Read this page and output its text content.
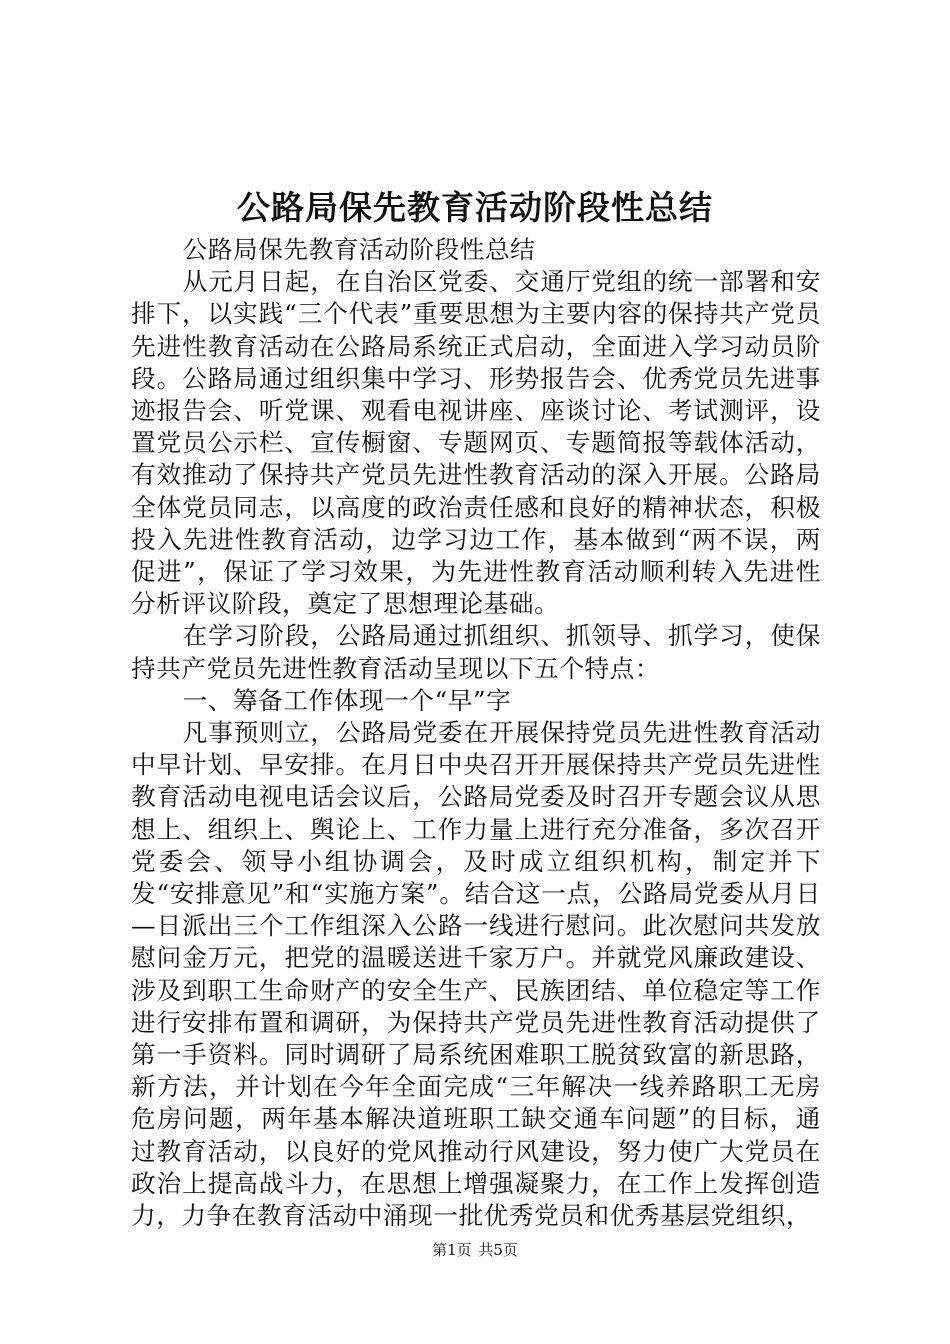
公路局保先教育活动阶段性总结

公路局保先教育活动阶段性总结

从元月日起，在自治区党委、交通厅党组的统一部署和安排下，以实践“三个代表”重要思想为主要内容的保持共产党员先进性教育活动在公路局系统正式启动，全面进入学习动员阶段。公路局通过组织集中学习、形势报告会、优秀党员先进事迹报告会、听党课、观看电视讲座、座谈讨论、考试测评，设置党员公示栏、宣传橱窗、专题网页、专题简报等载体活动，有效推动了保持共产党员先进性教育活动的深入开展。公路局全体党员同志，以高度的政治责任感和良好的精神状态，积极投入先进性教育活动，边学习边工作，基本做到“两不误，两促进”，保证了学习效果，为先进性教育活动顺利转入先进性分析评议阶段，奠定了思想理论基础。

在学习阶段，公路局通过抓组织、抓领导、抓学习，使保持共产党员先进性教育活动呈现以下五个特点：

一、筹备工作体现一个“早”字

凡事预则立，公路局党委在开展保持党员先进性教育活动中早计划、早安排。在月日中央召开开展保持共产党员先进性教育活动电视电话会议后，公路局党委及时召开专题会议从思想上、组织上、舆论上、工作力量上进行充分准备，多次召开党委会、领导小组协调会，及时成立组织机构，制定并下发“安排意见”和“实施方案”。结合这一点，公路局党委从月日—日派出三个工作组深入公路一线进行慰问。此次慰问共发放慰问金万元，把党的温暖送进千家万户。并就党风廉政建设、涉及到职工生命财产的安全生产、民族团结、单位稳定等工作进行安排布置和调研，为保持共产党员先进性教育活动提供了第一手资料。同时调研了局系统困难职工脱贫致富的新思路，新方法，并计划在今年全面完成“三年解决一线养路职工无房危房问题，两年基本解决道班职工缺交通车问题”的目标，通过教育活动，以良好的党风推动行风建设，努力使广大党员在政治上提高战斗力，在思想上增强凝聚力，在工作上发挥创造力，力争在教育活动中涌现一批优秀党员和优秀基层党组织，

第1页 共5页
